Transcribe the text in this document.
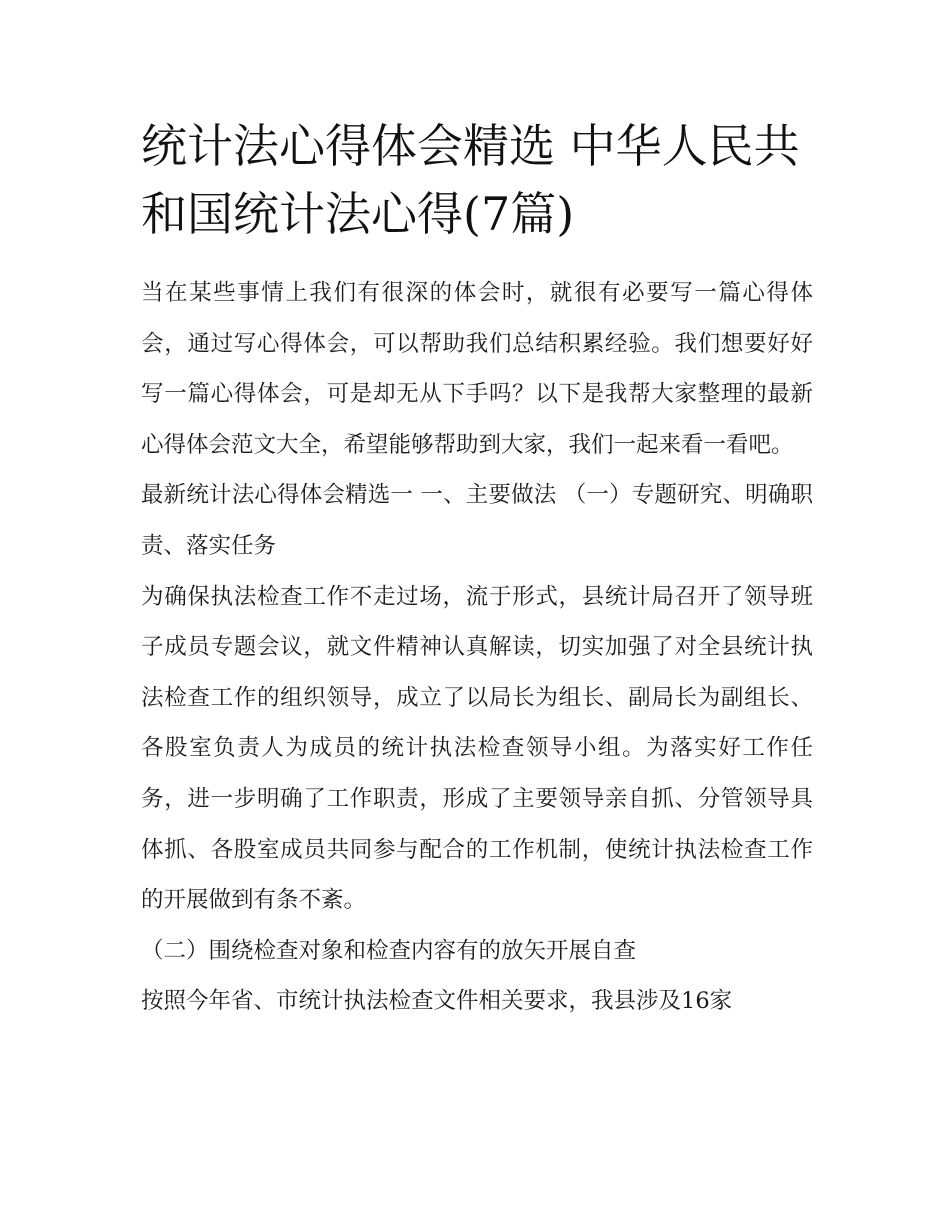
统计法心得体会精选 中华人民共和国统计法心得(7篇)

当在某些事情上我们有很深的体会时，就很有必要写一篇心得体会，通过写心得体会，可以帮助我们总结积累经验。我们想要好好写一篇心得体会，可是却无从下手吗？以下是我帮大家整理的最新心得体会范文大全，希望能够帮助到大家，我们一起来看一看吧。

最新统计法心得体会精选一 一、主要做法 （一）专题研究、明确职责、落实任务

为确保执法检查工作不走过场，流于形式，县统计局召开了领导班子成员专题会议，就文件精神认真解读，切实加强了对全县统计执法检查工作的组织领导，成立了以局长为组长、副局长为副组长、各股室负责人为成员的统计执法检查领导小组。为落实好工作任务，进一步明确了工作职责，形成了主要领导亲自抓、分管领导具体抓、各股室成员共同参与配合的工作机制，使统计执法检查工作的开展做到有条不紊。

（二）围绕检查对象和检查内容有的放矢开展自查

按照今年省、市统计执法检查文件相关要求，我县涉及16家
